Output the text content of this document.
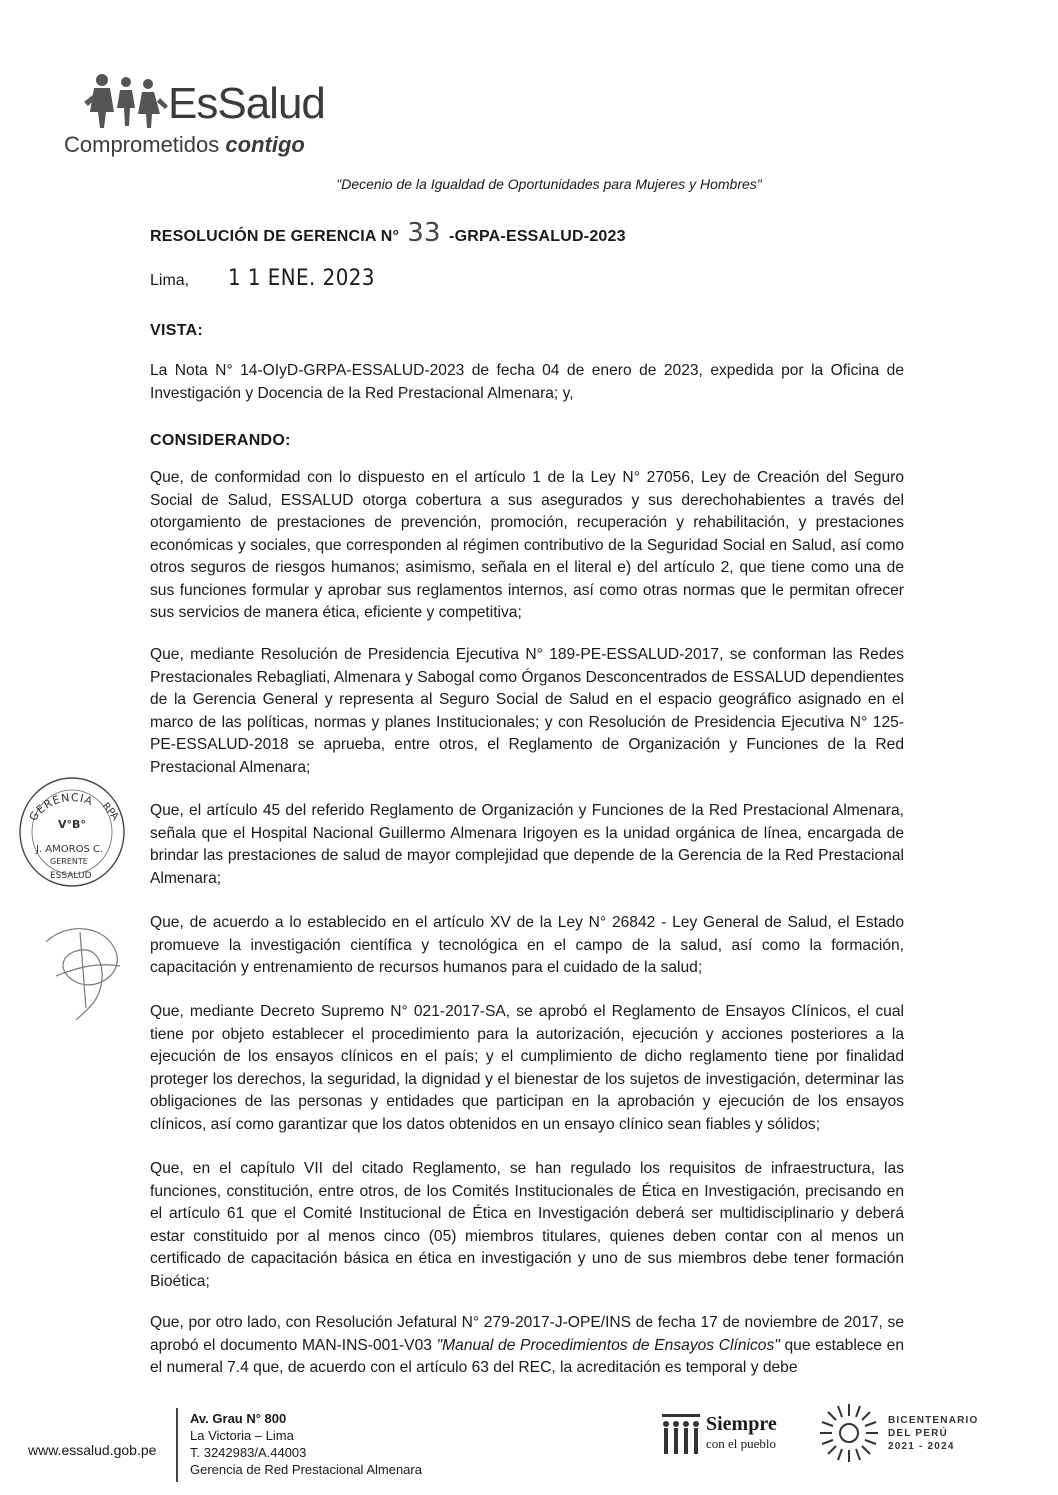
EsSalud
Comprometidos contigo
"Decenio de la Igualdad de Oportunidades para Mujeres y Hombres"
RESOLUCIÓN DE GERENCIA N° 33 -GRPA-ESSALUD-2023
Lima, 1 1 ENE. 2023
VISTA:
La Nota N° 14-OIyD-GRPA-ESSALUD-2023 de fecha 04 de enero de 2023, expedida por la Oficina de Investigación y Docencia de la Red Prestacional Almenara; y,
CONSIDERANDO:
Que, de conformidad con lo dispuesto en el artículo 1 de la Ley N° 27056, Ley de Creación del Seguro Social de Salud, ESSALUD otorga cobertura a sus asegurados y sus derechohabientes a través del otorgamiento de prestaciones de prevención, promoción, recuperación y rehabilitación, y prestaciones económicas y sociales, que corresponden al régimen contributivo de la Seguridad Social en Salud, así como otros seguros de riesgos humanos; asimismo, señala en el literal e) del artículo 2, que tiene como una de sus funciones formular y aprobar sus reglamentos internos, así como otras normas que le permitan ofrecer sus servicios de manera ética, eficiente y competitiva;
Que, mediante Resolución de Presidencia Ejecutiva N° 189-PE-ESSALUD-2017, se conforman las Redes Prestacionales Rebagliati, Almenara y Sabogal como Órganos Desconcentrados de ESSALUD dependientes de la Gerencia General y representa al Seguro Social de Salud en el espacio geográfico asignado en el marco de las políticas, normas y planes Institucionales; y con Resolución de Presidencia Ejecutiva N° 125-PE-ESSALUD-2018 se aprueba, entre otros, el Reglamento de Organización y Funciones de la Red Prestacional Almenara;
Que, el artículo 45 del referido Reglamento de Organización y Funciones de la Red Prestacional Almenara, señala que el Hospital Nacional Guillermo Almenara Irigoyen es la unidad orgánica de línea, encargada de brindar las prestaciones de salud de mayor complejidad que depende de la Gerencia de la Red Prestacional Almenara;
Que, de acuerdo a lo establecido en el artículo XV de la Ley N° 26842 - Ley General de Salud, el Estado promueve la investigación científica y tecnológica en el campo de la salud, así como la formación, capacitación y entrenamiento de recursos humanos para el cuidado de la salud;
Que, mediante Decreto Supremo N° 021-2017-SA, se aprobó el Reglamento de Ensayos Clínicos, el cual tiene por objeto establecer el procedimiento para la autorización, ejecución y acciones posteriores a la ejecución de los ensayos clínicos en el país; y el cumplimiento de dicho reglamento tiene por finalidad proteger los derechos, la seguridad, la dignidad y el bienestar de los sujetos de investigación, determinar las obligaciones de las personas y entidades que participan en la aprobación y ejecución de los ensayos clínicos, así como garantizar que los datos obtenidos en un ensayo clínico sean fiables y sólidos;
Que, en el capítulo VII del citado Reglamento, se han regulado los requisitos de infraestructura, las funciones, constitución, entre otros, de los Comités Institucionales de Ética en Investigación, precisando en el artículo 61 que el Comité Institucional de Ética en Investigación deberá ser multidisciplinario y deberá estar constituido por al menos cinco (05) miembros titulares, quienes deben contar con al menos un certificado de capacitación básica en ética en investigación y uno de sus miembros debe tener formación Bioética;
Que, por otro lado, con Resolución Jefatural N° 279-2017-J-OPE/INS de fecha 17 de noviembre de 2017, se aprobó el documento MAN-INS-001-V03 "Manual de Procedimientos de Ensayos Clínicos" que establece en el numeral 7.4 que, de acuerdo con el artículo 63 del REC, la acreditación es temporal y debe
GERENCIA
RPA
V°B°
J. AMOROS C.
GERENTE
ESSALUD
www.essalud.gob.pe
Av. Grau N° 800
La Victoria – Lima
T. 3242983/A.44003
Gerencia de Red Prestacional Almenara
Siempre
con el pueblo
BICENTENARIO
DEL PERÚ
2021 - 2024
